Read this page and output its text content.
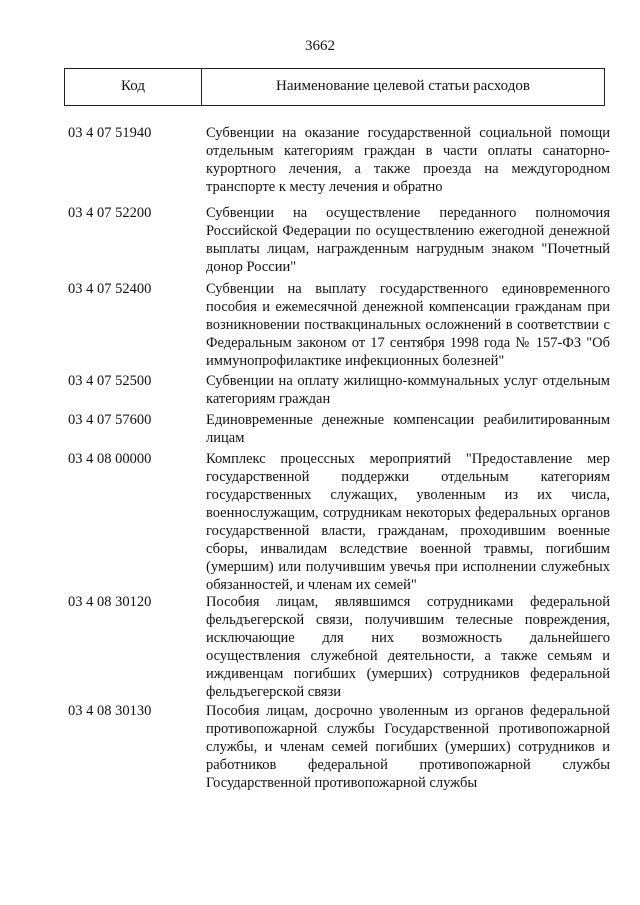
3662
Код	Наименование целевой статьи расходов
03 4 07 51940	Субвенции на оказание государственной социальной помощи отдельным категориям граждан в части оплаты санаторно-курортного лечения, а также проезда на междугородном транспорте к месту лечения и обратно
03 4 07 52200	Субвенции на осуществление переданного полномочия Российской Федерации по осуществлению ежегодной денежной выплаты лицам, награжденным нагрудным знаком "Почетный донор России"
03 4 07 52400	Субвенции на выплату государственного единовременного пособия и ежемесячной денежной компенсации гражданам при возникновении поствакцинальных осложнений в соответствии с Федеральным законом от 17 сентября 1998 года № 157-ФЗ "Об иммунопрофилактике инфекционных болезней"
03 4 07 52500	Субвенции на оплату жилищно-коммунальных услуг отдельным категориям граждан
03 4 07 57600	Единовременные денежные компенсации реабилитированным лицам
03 4 08 00000	Комплекс процессных мероприятий "Предоставление мер государственной поддержки отдельным категориям государственных служащих, уволенным из их числа, военнослужащим, сотрудникам некоторых федеральных органов государственной власти, гражданам, проходившим военные сборы, инвалидам вследствие военной травмы, погибшим (умершим) или получившим увечья при исполнении служебных обязанностей, и членам их семей"
03 4 08 30120	Пособия лицам, являвшимся сотрудниками федеральной фельдъегерской связи, получившим телесные повреждения, исключающие для них возможность дальнейшего осуществления служебной деятельности, а также семьям и иждивенцам погибших (умерших) сотрудников федеральной фельдъегерской связи
03 4 08 30130	Пособия лицам, досрочно уволенным из органов федеральной противопожарной службы Государственной противопожарной службы, и членам семей погибших (умерших) сотрудников и работников федеральной противопожарной службы Государственной противопожарной службы
